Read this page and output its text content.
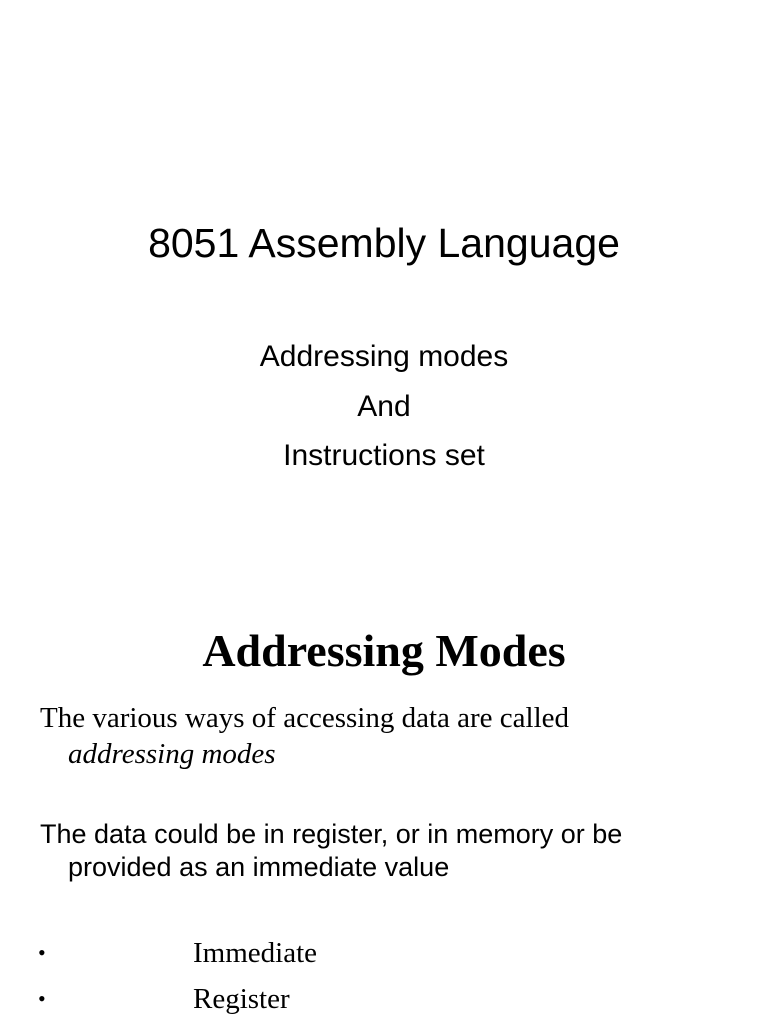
8051 Assembly Language
Addressing modes
And
Instructions set
Addressing Modes
The various ways of accessing data are called
addressing modes
The data could be in register, or in memory or be
provided as an immediate value
•	Immediate
•	Register
